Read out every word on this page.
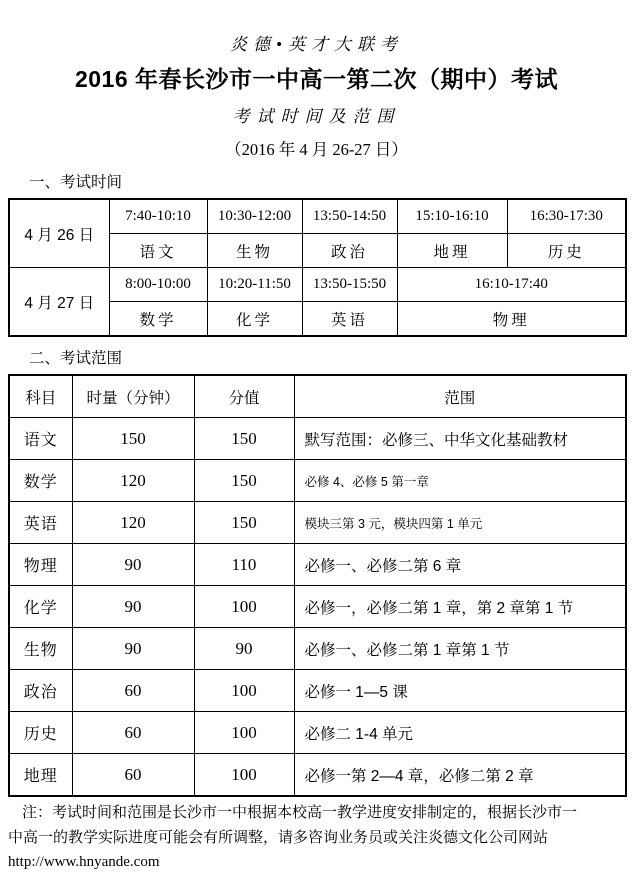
炎德•英才大联考
2016 年春长沙市一中高一第二次（期中）考试
考试时间及范围
（2016 年 4 月 26-27 日）
一、考试时间
4 月 26 日	7:40-10:10	10:30-12:00	13:50-14:50	15:10-16:10	16:30-17:30
	语文	生物	政治	地理	历史
4 月 27 日	8:00-10:00	10:20-11:50	13:50-15:50	16:10-17:40	
	数学	化学	英语	物理	
二、考试范围
科目	时量（分钟）	分值	范围
语文	150	150	默写范围：必修三、中华文化基础教材
数学	120	150	必修 4、必修 5 第一章
英语	120	150	模块三第 3 元，模块四第 1 单元
物理	90	110	必修一、必修二第 6 章
化学	90	100	必修一，必修二第 1 章，第 2 章第 1 节
生物	90	90	必修一、必修二第 1 章第 1 节
政治	60	100	必修一 1—5 课
历史	60	100	必修二 1-4 单元
地理	60	100	必修一第 2—4 章，必修二第 2 章
注：考试时间和范围是长沙市一中根据本校高一教学进度安排制定的，根据长沙市一
中高一的教学实际进度可能会有所调整，请多咨询业务员或关注炎德文化公司网站
http://www.hnyande.com
